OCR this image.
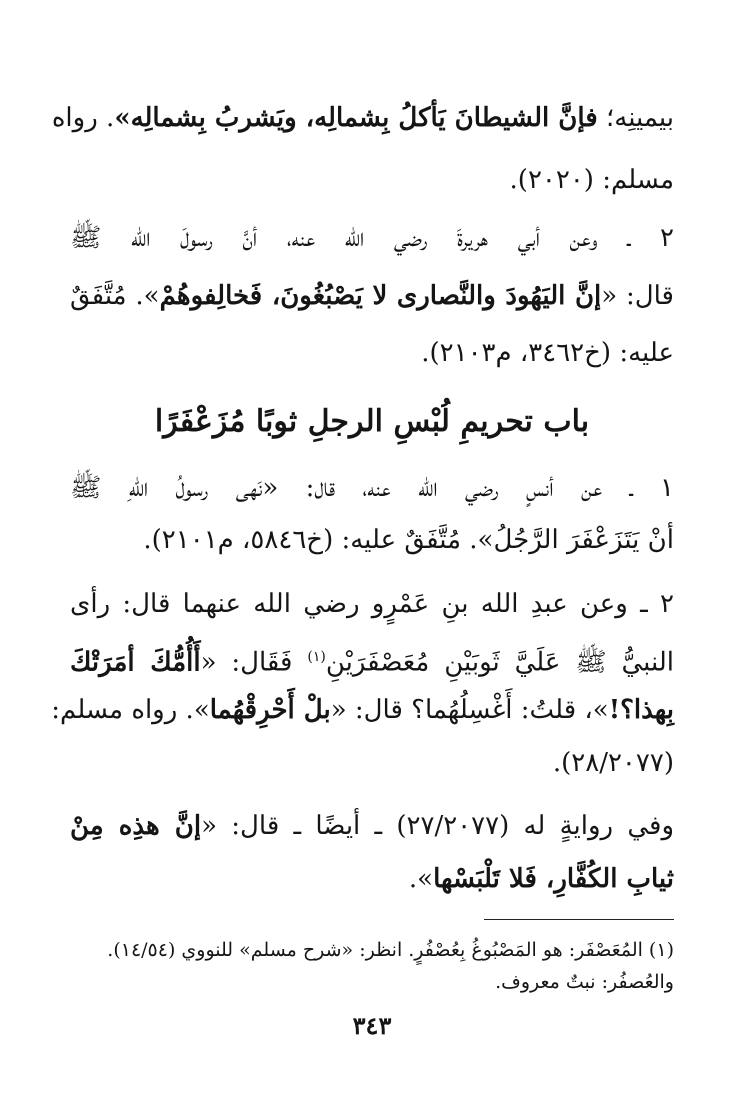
بيمينِه؛ فإنَّ الشيطانَ يَأكلُ بِشمالِه، ويَشربُ بِشمالِه». رواه
مسلم: (٢٠٢٠).
٢ ـ وعن أبي هريرةَ رضي الله عنه، أنَّ رسولَ الله ﷺ
قال: «إنَّ اليَهُودَ والنَّصارى لا يَصْبُغُونَ، فَخالِفوهُمْ». مُتَّفَقٌ
عليه: (خ٣٤٦٢، م٢١٠٣).
باب تحريمِ لُبْسِ الرجلِ ثوبًا مُزَعْفَرًا
١ ـ عن أنسٍ رضي الله عنه، قال: «نَهى رسولُ اللهِ ﷺ
أنْ يَتَزَعْفَرَ الرَّجُلُ». مُتَّفَقٌ عليه: (خ٥٨٤٦، م٢١٠١).
٢ ـ وعن عبدِ الله بنِ عَمْرٍو رضي الله عنهما قال: رأى
النبيُّ ﷺ عَلَيَّ ثَوبَيْنِ مُعَصْفَرَيْنِ$^{(١)}$ فَقَال: «أَأُمُّكَ أمَرَتْكَ
بِهذا؟!»، قلتُ: أَغْسِلُهُما؟ قال: «بلْ أَحْرِقْهُما». رواه مسلم:
(٢٨/٢٠٧٧).
وفي روايةٍ له (٢٧/٢٠٧٧) ـ أيضًا ـ قال: «إنَّ هذِه مِنْ
ثيابِ الكُفَّارِ، فَلا تَلْبَسْها».
(١) المُعَصْفَر: هو المَصْبُوغُ بِعُصْفُرٍ. انظر: «شرح مسلم» للنووي (١٤/٥٤).
والعُصفُر: نبتٌ معروف.
٣٤٣
